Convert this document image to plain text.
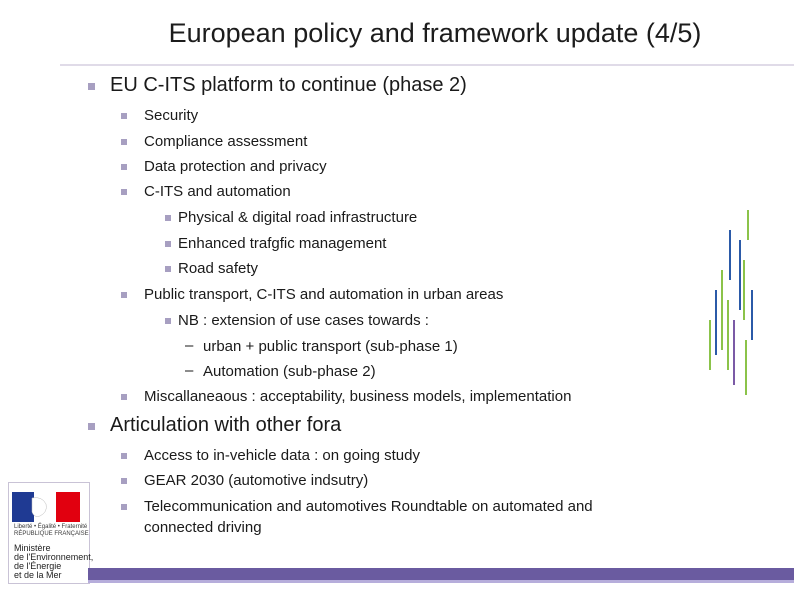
European policy and framework update (4/5)
EU C-ITS platform to continue (phase 2)
Security
Compliance assessment
Data protection and privacy
C-ITS and automation
Physical & digital road infrastructure
Enhanced trafgfic management
Road safety
Public transport, C-ITS and automation in urban areas
NB : extension of use cases towards :
– urban + public transport (sub-phase 1)
– Automation (sub-phase 2)
Miscallaneaous : acceptability, business models, implementation
Articulation with other fora
Access to in-vehicle data : on going study
GEAR 2030 (automotive indsutry)
Telecommunication and automotives Roundtable on automated and
connected driving
Liberté • Égalité • Fraternité
RÉPUBLIQUE FRANÇAISE
Ministère
de l'Environnement,
de l'Énergie
et de la Mer
